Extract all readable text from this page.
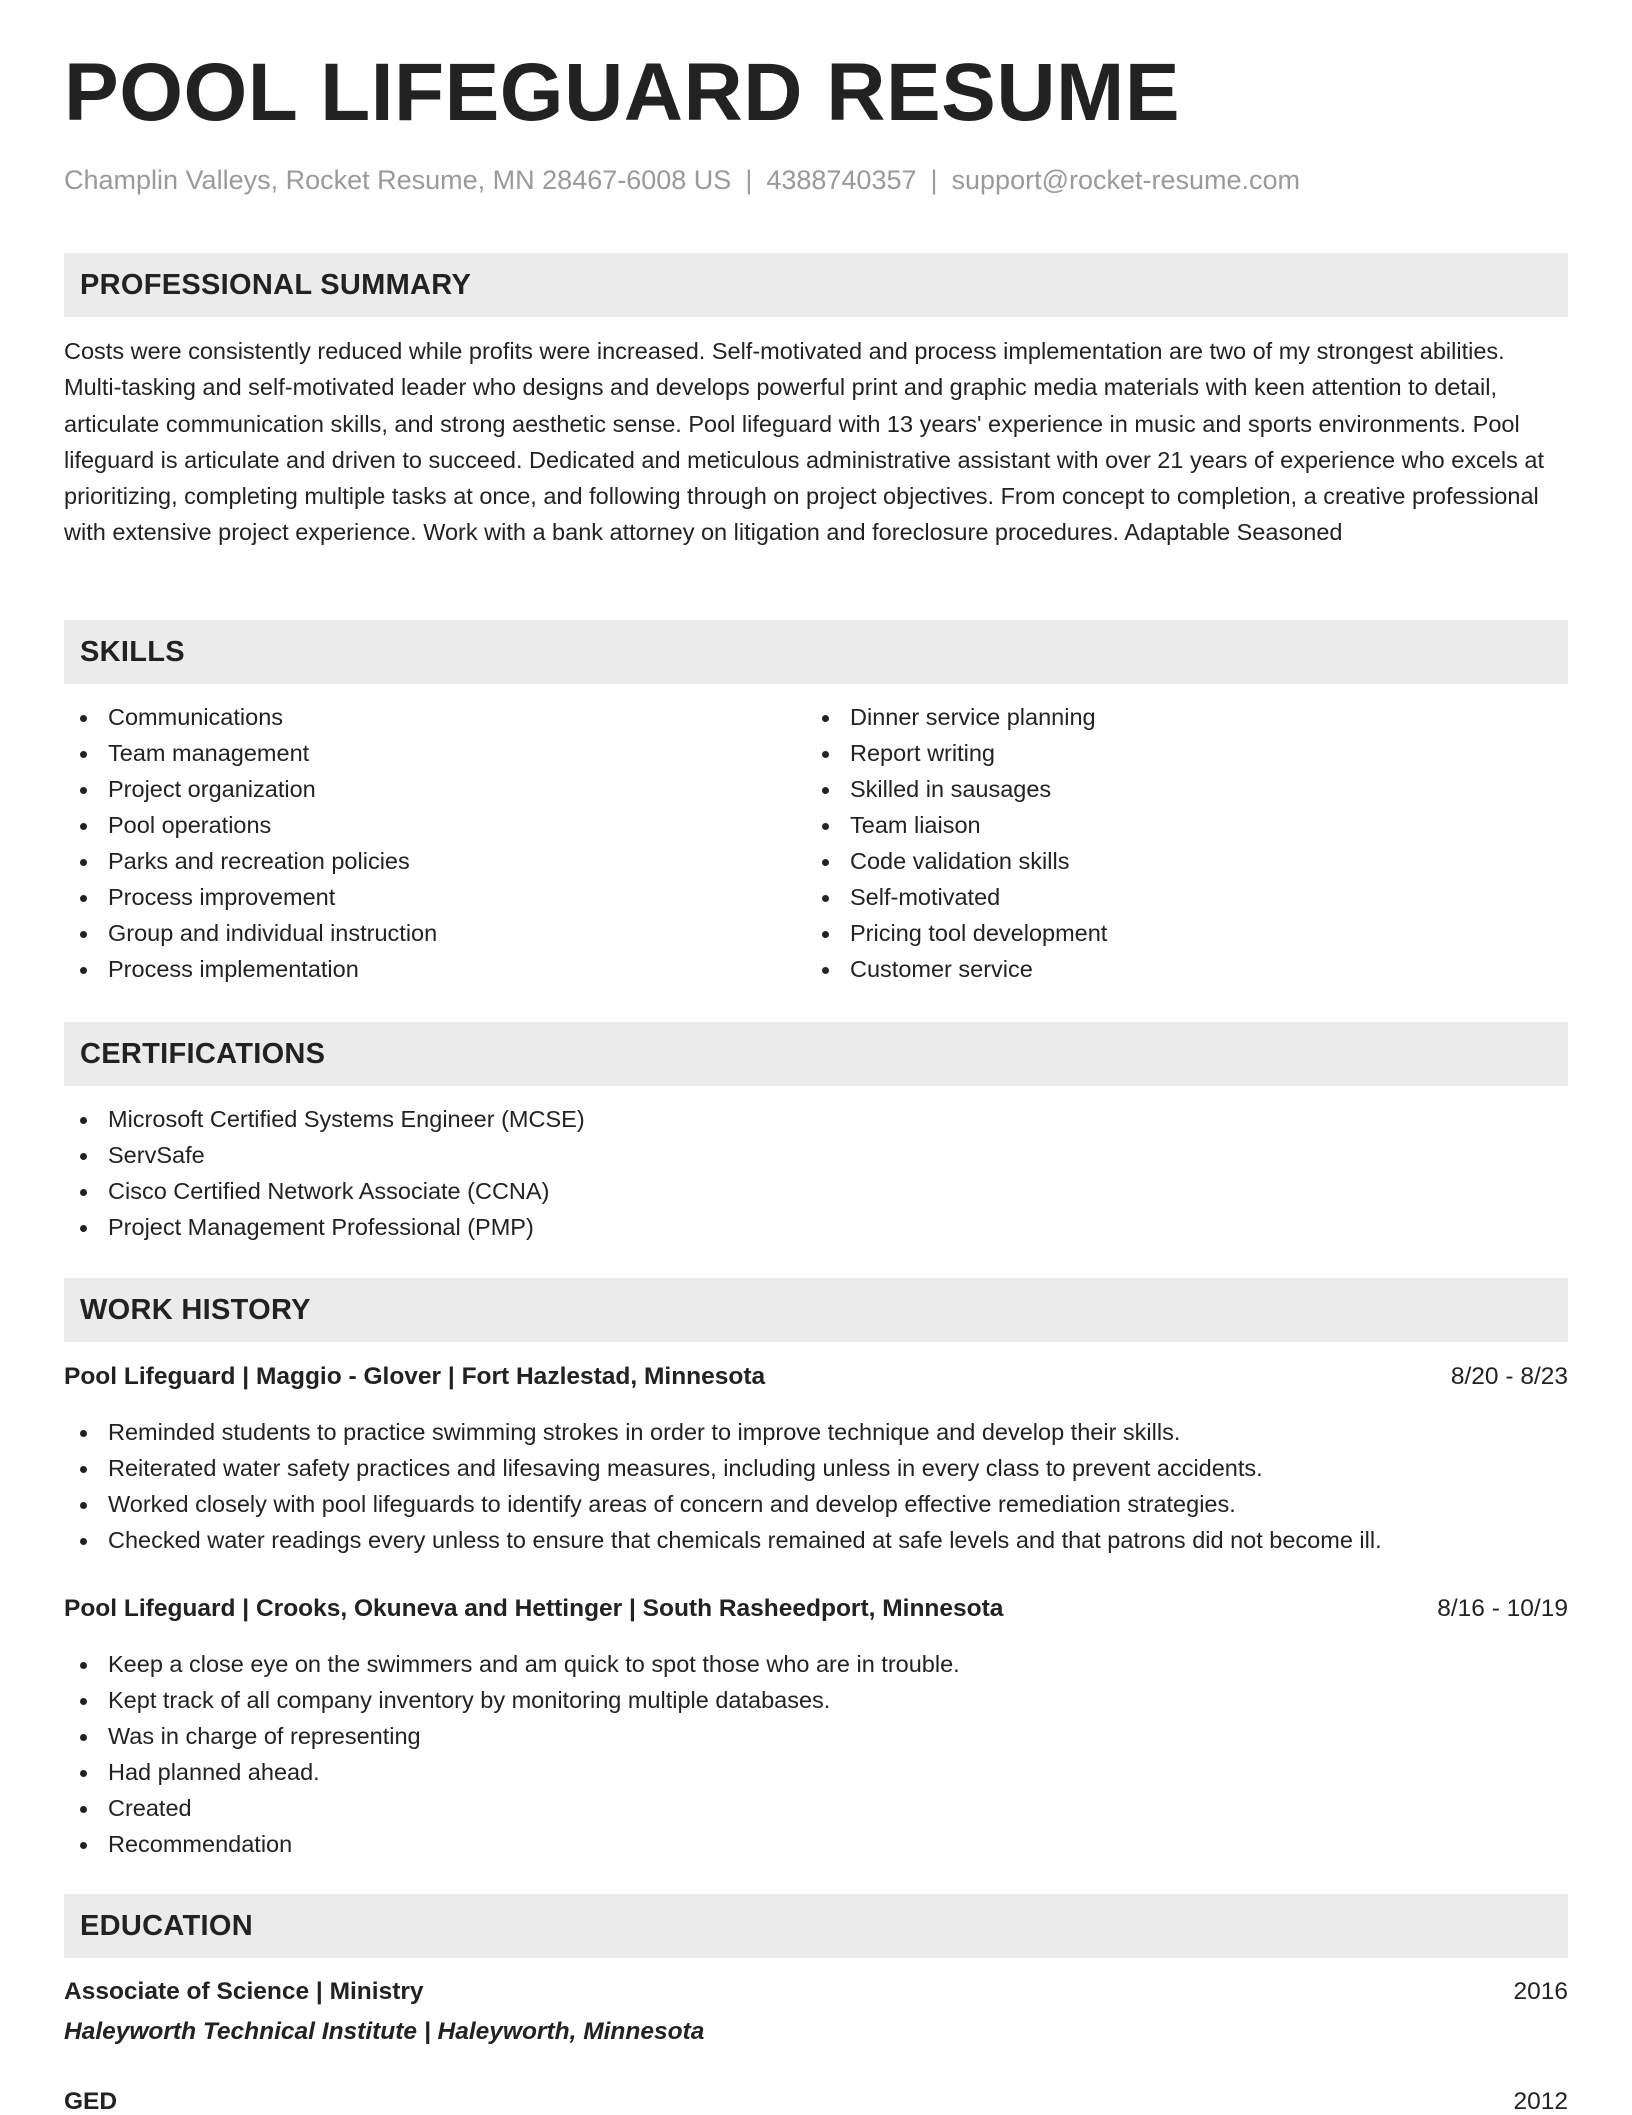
POOL LIFEGUARD RESUME
Champlin Valleys, Rocket Resume, MN 28467-6008 US | 4388740357 | support@rocket-resume.com
PROFESSIONAL SUMMARY

Costs were consistently reduced while profits were increased. Self-motivated and process implementation are two of my strongest abilities. Multi-tasking and self-motivated leader who designs and develops powerful print and graphic media materials with keen attention to detail, articulate communication skills, and strong aesthetic sense. Pool lifeguard with 13 years' experience in music and sports environments. Pool lifeguard is articulate and driven to succeed. Dedicated and meticulous administrative assistant with over 21 years of experience who excels at prioritizing, completing multiple tasks at once, and following through on project objectives. From concept to completion, a creative professional with extensive project experience. Work with a bank attorney on litigation and foreclosure procedures. Adaptable Seasoned

SKILLS
Communications
Team management
Project organization
Pool operations
Parks and recreation policies
Process improvement
Group and individual instruction
Process implementation
Dinner service planning
Report writing
Skilled in sausages
Team liaison
Code validation skills
Self-motivated
Pricing tool development
Customer service
CERTIFICATIONS
Microsoft Certified Systems Engineer (MCSE)
ServSafe
Cisco Certified Network Associate (CCNA)
Project Management Professional (PMP)
WORK HISTORY
Pool Lifeguard | Maggio - Glover | Fort Hazlestad, Minnesota	8/20 - 8/23
Reminded students to practice swimming strokes in order to improve technique and develop their skills.
Reiterated water safety practices and lifesaving measures, including unless in every class to prevent accidents.
Worked closely with pool lifeguards to identify areas of concern and develop effective remediation strategies.
Checked water readings every unless to ensure that chemicals remained at safe levels and that patrons did not become ill.
Pool Lifeguard | Crooks, Okuneva and Hettinger | South Rasheedport, Minnesota	8/16 - 10/19
Keep a close eye on the swimmers and am quick to spot those who are in trouble.
Kept track of all company inventory by monitoring multiple databases.
Was in charge of representing
Had planned ahead.
Created
Recommendation
EDUCATION
Associate of Science | Ministry	2016
Haleyworth Technical Institute | Haleyworth, Minnesota
GED	2012
